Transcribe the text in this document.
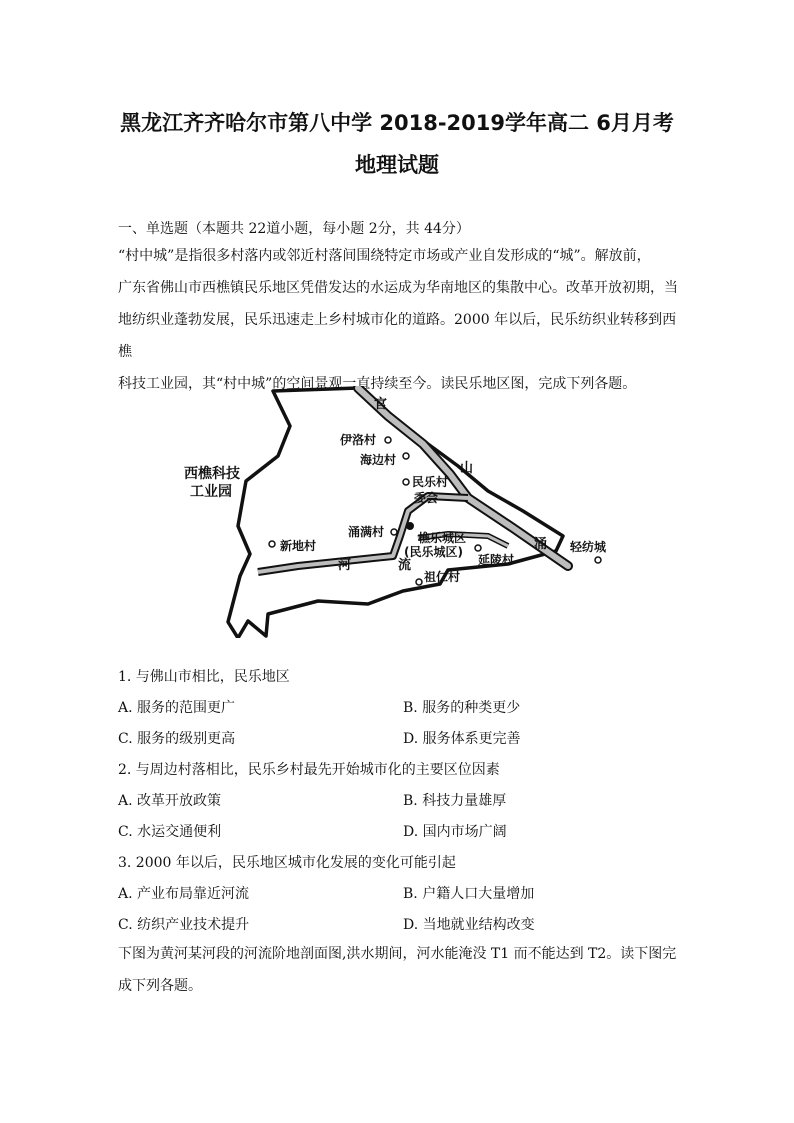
黑龙江齐齐哈尔市第八中学 2018-2019学年高二 6月月考
地理试题
一、单选题（本题共 22道小题，每小题 2分，共 44分）
“村中城”是指很多村落内或邻近村落间围绕特定市场或产业自发形成的“城”。解放前，
广东省佛山市西樵镇民乐地区凭借发达的水运成为华南地区的集散中心。改革开放初期，当
地纺织业蓬勃发展，民乐迅速走上乡村城市化的道路。2000 年以后，民乐纺织业转移到西樵
科技工业园，其“村中城”的空间景观一直持续至今。读民乐地区图，完成下列各题。
西樵科技
工业园
官
山
涌
河	流
伊洛村
海边村
民乐村
委会
涌满村
新地村
樵乐城区
(民乐城区)
延陵村
祖仁村
轻纺城
1. 与佛山市相比，民乐地区
A. 服务的范围更广	B. 服务的种类更少
C. 服务的级别更高	D. 服务体系更完善
2. 与周边村落相比，民乐乡村最先开始城市化的主要区位因素
A. 改革开放政策	B. 科技力量雄厚
C. 水运交通便利	D. 国内市场广阔
3. 2000 年以后，民乐地区城市化发展的变化可能引起
A. 产业布局靠近河流	B. 户籍人口大量增加
C. 纺织产业技术提升	D. 当地就业结构改变
下图为黄河某河段的河流阶地剖面图,洪水期间，河水能淹没 T1 而不能达到 T2。读下图完
成下列各题。
